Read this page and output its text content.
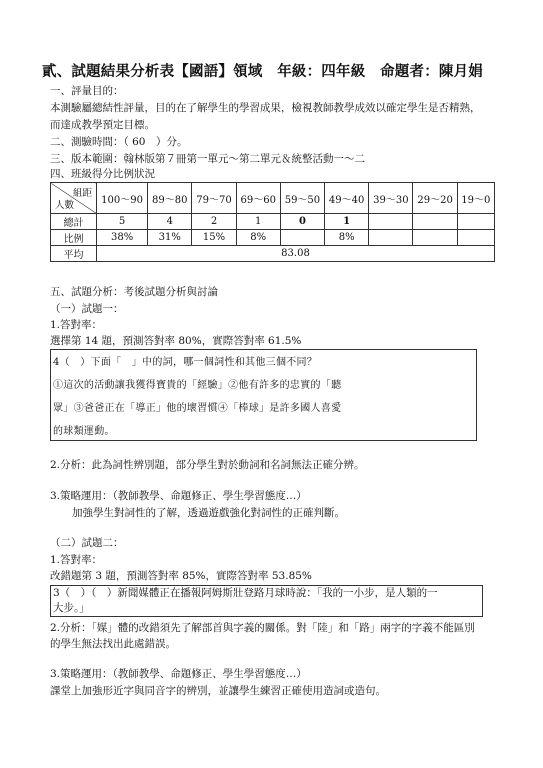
貳、試題結果分析表【國語】領域　年級：四年級　命題者：陳月娟
一、評量目的：
本測驗屬總結性評量，目的在了解學生的學習成果，檢視教師教學成效以確定學生是否精熟，
而達成教學預定目標。
二、測驗時間：（ 60　）分。
三、版本範圍：翰林版第７冊第一單元～第二單元＆統整活動一～二
四、班級得分比例狀況
組距
人數	100～90	89～80	79～70	69～60	59～50	49～40	39～30	29～20	19～0
總計	5	4	2	1	0	1			
比例	38%	31%	15%	8%		8%			
平均	83.08								
五、試題分析：考後試題分析與討論
（一）試題一：
1.答對率：
選擇第 14 題，預測答對率 80%，實際答對率 61.5%
4（　）下面「　」中的詞，哪一個詞性和其他三個不同？
①這次的活動讓我獲得寶貴的「經驗」②他有許多的忠實的「聽
眾」③爸爸正在「導正」他的壞習慣④「棒球」是許多國人喜愛
的球類運動。
2.分析：此為詞性辨別題，部分學生對於動詞和名詞無法正確分辨。
3.策略運用：（教師教學、命題修正、學生學習態度…）
加強學生對詞性的了解，透過遊戲強化對詞性的正確判斷。
（二）試題二：
1.答對率：
改錯題第 3 題，預測答對率 85%，實際答對率 53.85%
3（　）（　）新聞媒體正在播報阿姆斯壯登路月球時說：「我的一小步，是人類的一
大步。」
2.分析：「媒」體的改錯須先了解部首與字義的關係。對「陸」和「路」兩字的字義不能區別
的學生無法找出此處錯誤。
3.策略運用：（教師教學、命題修正、學生學習態度…）
課堂上加強形近字與同音字的辨別，並讓學生練習正確使用造詞或造句。
